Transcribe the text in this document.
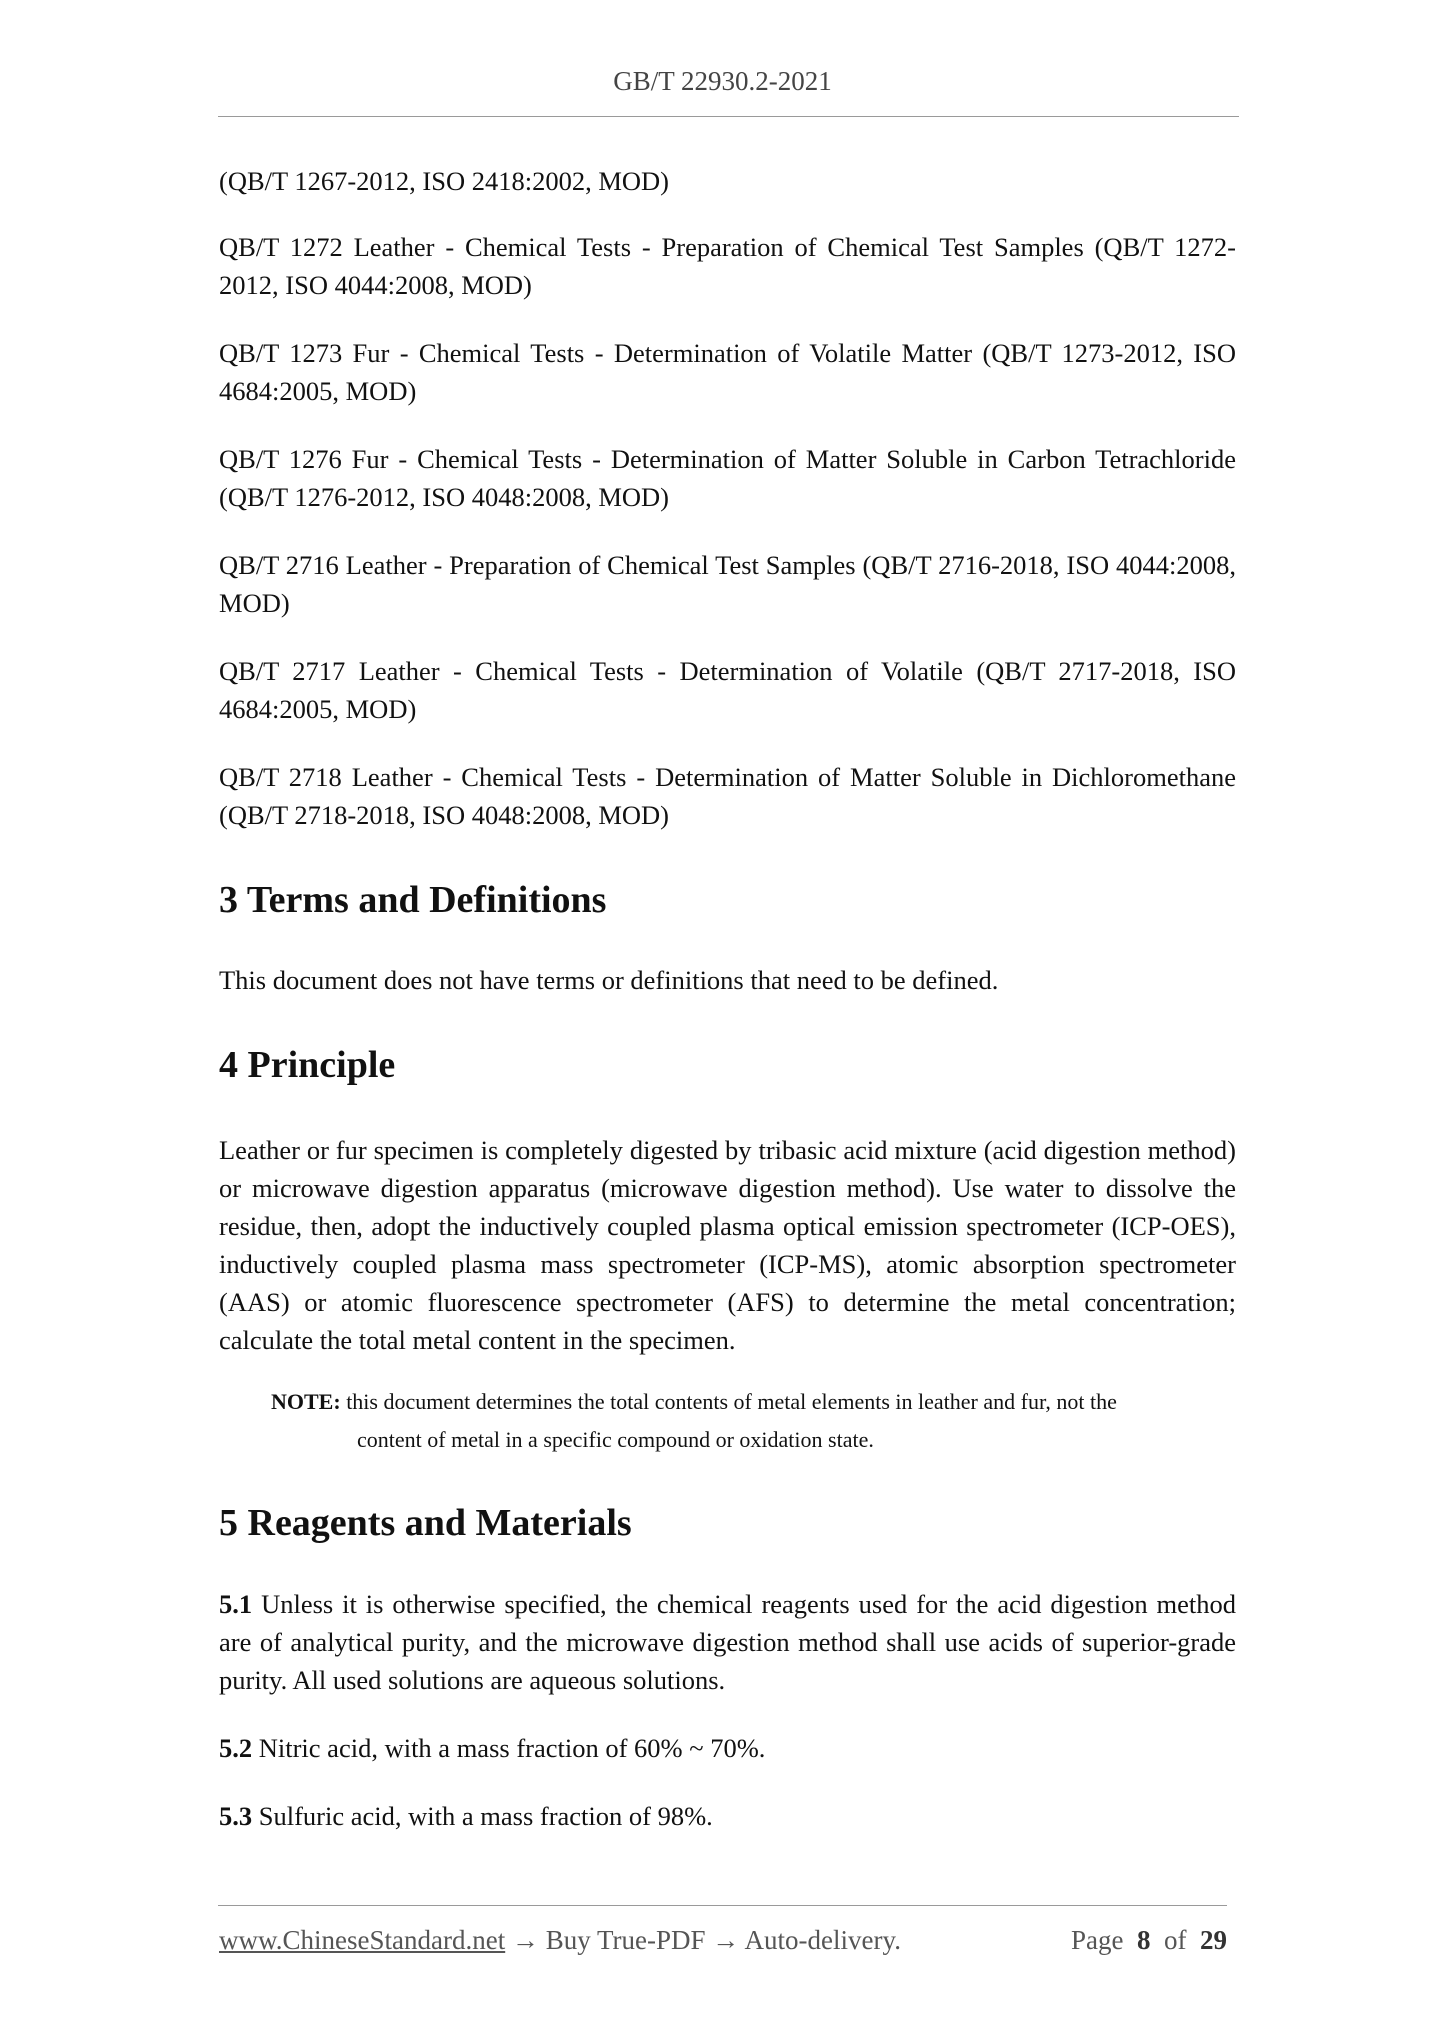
GB/T 22930.2-2021

(QB/T 1267-2012, ISO 2418:2002, MOD)

QB/T 1272 Leather - Chemical Tests - Preparation of Chemical Test Samples (QB/T 1272-2012, ISO 4044:2008, MOD)

QB/T 1273 Fur - Chemical Tests - Determination of Volatile Matter (QB/T 1273-2012, ISO 4684:2005, MOD)

QB/T 1276 Fur - Chemical Tests - Determination of Matter Soluble in Carbon Tetrachloride (QB/T 1276-2012, ISO 4048:2008, MOD)

QB/T 2716 Leather - Preparation of Chemical Test Samples (QB/T 2716-2018, ISO 4044:2008, MOD)

QB/T 2717 Leather - Chemical Tests - Determination of Volatile (QB/T 2717-2018, ISO 4684:2005, MOD)

QB/T 2718 Leather - Chemical Tests - Determination of Matter Soluble in Dichloromethane (QB/T 2718-2018, ISO 4048:2008, MOD)

3 Terms and Definitions

This document does not have terms or definitions that need to be defined.

4 Principle

Leather or fur specimen is completely digested by tribasic acid mixture (acid digestion method) or microwave digestion apparatus (microwave digestion method). Use water to dissolve the residue, then, adopt the inductively coupled plasma optical emission spectrometer (ICP-OES), inductively coupled plasma mass spectrometer (ICP-MS), atomic absorption spectrometer (AAS) or atomic fluorescence spectrometer (AFS) to determine the metal concentration; calculate the total metal content in the specimen.

NOTE: this document determines the total contents of metal elements in leather and fur, not the
content of metal in a specific compound or oxidation state.
5 Reagents and Materials

5.1 Unless it is otherwise specified, the chemical reagents used for the acid digestion method are of analytical purity, and the microwave digestion method shall use acids of superior-grade purity. All used solutions are aqueous solutions.

5.2 Nitric acid, with a mass fraction of 60% ~ 70%.

5.3 Sulfuric acid, with a mass fraction of 98%.

www.ChineseStandard.net → Buy True-PDF → Auto-delivery.	Page 8 of 29
